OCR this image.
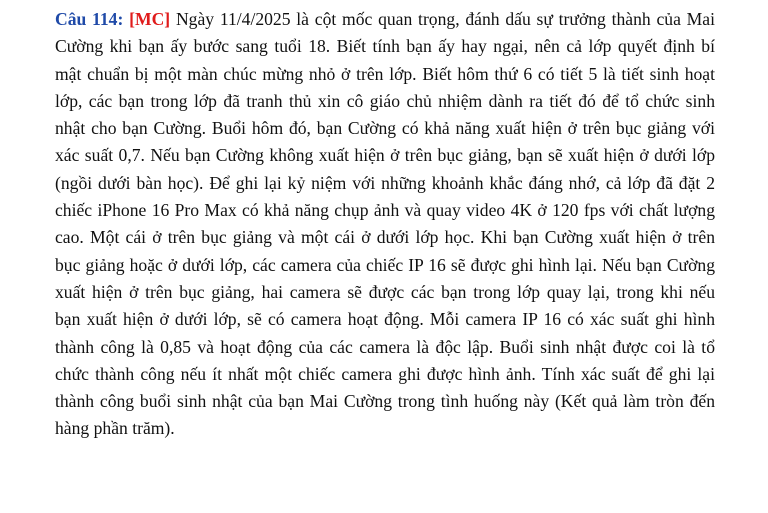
Câu 114: [MC] Ngày 11/4/2025 là cột mốc quan trọng, đánh dấu sự trưởng thành của Mai
Cường khi bạn ấy bước sang tuổi 18. Biết tính bạn ấy hay ngại, nên cả lớp quyết định bí
mật chuẩn bị một màn chúc mừng nhỏ ở trên lớp. Biết hôm thứ 6 có tiết 5 là tiết sinh hoạt
lớp, các bạn trong lớp đã tranh thủ xin cô giáo chủ nhiệm dành ra tiết đó để tổ chức sinh
nhật cho bạn Cường. Buổi hôm đó, bạn Cường có khả năng xuất hiện ở trên bục giảng với
xác suất 0,7. Nếu bạn Cường không xuất hiện ở trên bục giảng, bạn sẽ xuất hiện ở dưới lớp
(ngồi dưới bàn học). Để ghi lại kỷ niệm với những khoảnh khắc đáng nhớ, cả lớp đã đặt 2
chiếc iPhone 16 Pro Max có khả năng chụp ảnh và quay video 4K ở 120 fps với chất lượng
cao. Một cái ở trên bục giảng và một cái ở dưới lớp học. Khi bạn Cường xuất hiện ở trên
bục giảng hoặc ở dưới lớp, các camera của chiếc IP 16 sẽ được ghi hình lại. Nếu bạn Cường
xuất hiện ở trên bục giảng, hai camera sẽ được các bạn trong lớp quay lại, trong khi nếu
bạn xuất hiện ở dưới lớp, sẽ có camera hoạt động. Mỗi camera IP 16 có xác suất ghi hình
thành công là 0,85 và hoạt động của các camera là độc lập. Buổi sinh nhật được coi là tổ
chức thành công nếu ít nhất một chiếc camera ghi được hình ảnh. Tính xác suất để ghi lại
thành công buổi sinh nhật của bạn Mai Cường trong tình huống này (Kết quả làm tròn đến
hàng phần trăm).
